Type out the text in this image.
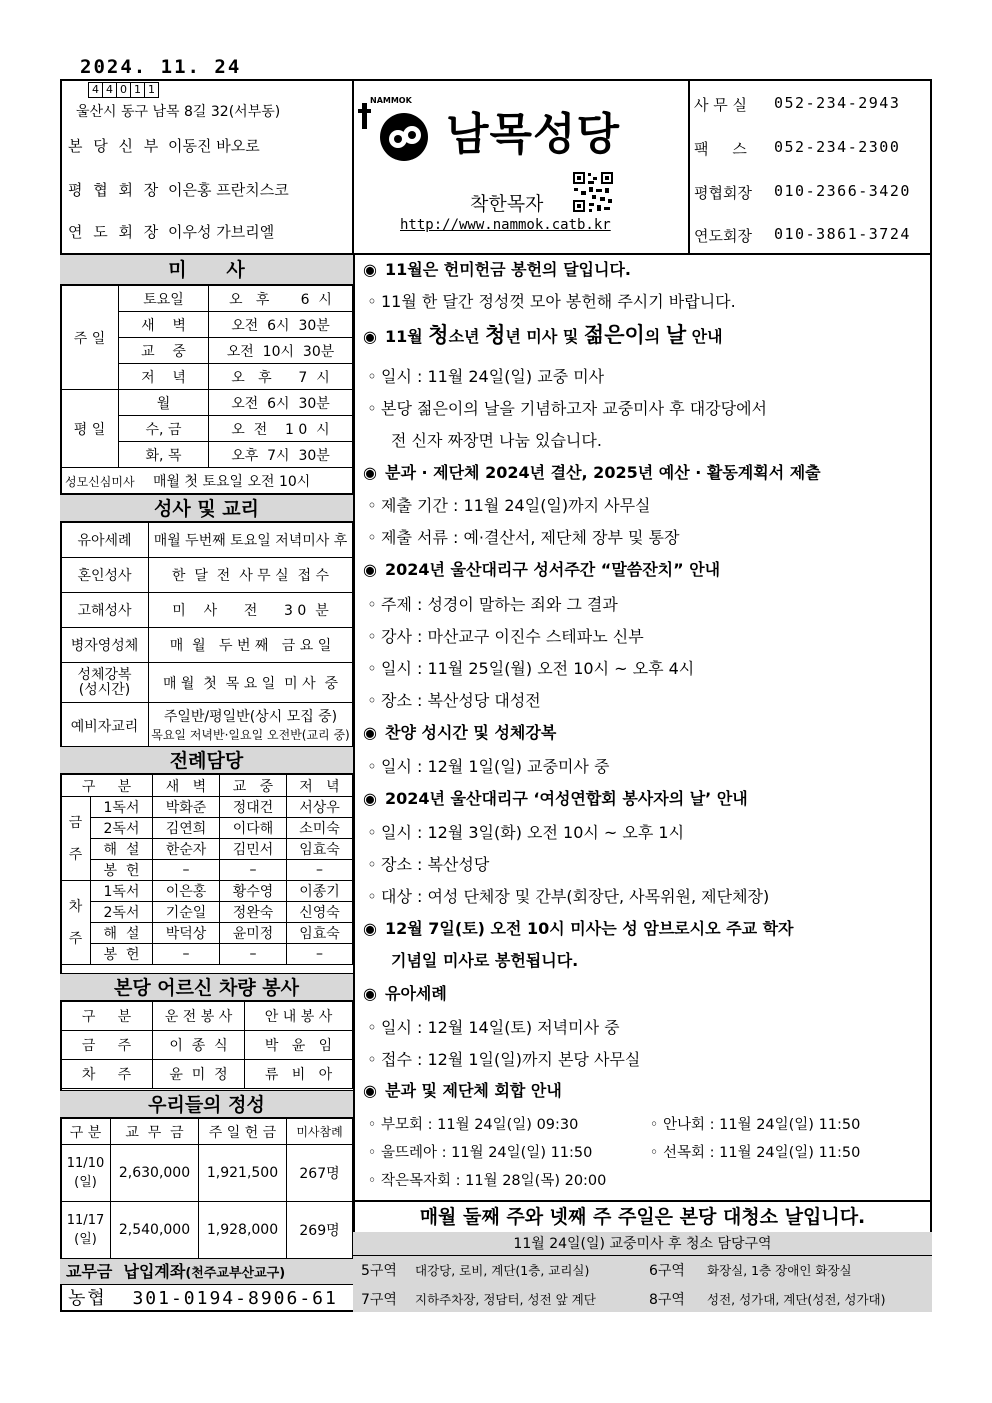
2024. 11. 24
4 4 0 1 1
울산시 동구 남목 8길 32(서부동)
본 당 신 부 이동진 바오로
평 협 회 장 이은홍 프란치스코
연 도 회 장 이우성 가브리엘
NAMMOK
남목성당
착한목자
http://www.nammok.catb.kr
사 무 실	052-234-2943
팩     스	052-234-2300
평협회장	010-2366-3420
연도회장	010-3861-3724
미      사
주 일	토요일	오   후       6  시
	새    벽	오전  6시  30분
	교    중	오전  10시  30분
	저    녁	오   후      7  시
평 일	월	오전  6시  30분
	수, 금	오  전    1 0  시
	화, 목	오후  7시  30분
성모신심미사 매월 첫 토요일 오전 10시		
성사 및 교리
유아세례	매월 두번째 토요일 저녁미사 후
혼인성사	한  달  전  사 무 실  접 수
고해성사	미    사      전      3 0  분
병자영성체	매  월   두 번 째   금 요 일
성체강복
(성시간)	매 월  첫  목 요 일  미 사  중
예비자교리	주일반/평일반(상시 모집 중)
목요일 저녁반·일요일 오전반(교리 중)
전례담당
구     분		새   벽	교   중	저   녁
금

주	1독서	박화준	정대건	서상우
	2독서	김연희	이다해	소미숙
	해  설	한순자	김민서	임효숙
	봉  헌	–	–	–
차

주	1독서	이은홍	황수영	이종기
	2독서	기순일	정완숙	신영숙
	해  설	박덕상	윤미정	임효숙
	봉  헌	–	–	–
본당 어르신 차량 봉사
구     분	운 전 봉 사	안 내 봉 사
금     주	이  종  식	박   윤   임
차     주	윤  미  정	류   비   아
우리들의 정성
구 분	교  무  금	주 일 헌 금	미사참례
11/10
(일)	2,630,000	1,921,500	267명
11/17
(일)	2,540,000	1,928,000	269명
교무금  납입계좌(천주교부산교구)
농협  301-0194-8906-61
◉ 11월은 헌미헌금 봉헌의 달입니다.
◦ 11월 한 달간 정성껏 모아 봉헌해 주시기 바랍니다.
◉ 11월 청소년 청년 미사 및 젊은이의 날 안내
◦ 일시 : 11월 24일(일) 교중 미사
◦ 본당 젊은이의 날을 기념하고자 교중미사 후 대강당에서
전 신자 짜장면 나눔 있습니다.
◉ 분과 · 제단체 2024년 결산, 2025년 예산 · 활동계획서 제출
◦ 제출 기간 : 11월 24일(일)까지 사무실
◦ 제출 서류 : 예·결산서, 제단체 장부 및 통장
◉ 2024년 울산대리구 성서주간 “말씀잔치” 안내
◦ 주제 : 성경이 말하는 죄와 그 결과
◦ 강사 : 마산교구 이진수 스테파노 신부
◦ 일시 : 11월 25일(월) 오전 10시 ~ 오후 4시
◦ 장소 : 복산성당 대성전
◉ 찬양 성시간 및 성체강복
◦ 일시 : 12월 1일(일) 교중미사 중
◉ 2024년 울산대리구 ‘여성연합회 봉사자의 날’ 안내
◦ 일시 : 12월 3일(화) 오전 10시 ~ 오후 1시
◦ 장소 : 복산성당
◦ 대상 : 여성 단체장 및 간부(회장단, 사목위원, 제단체장)
◉ 12월 7일(토) 오전 10시 미사는 성 암브로시오 주교 학자
기념일 미사로 봉헌됩니다.
◉ 유아세례
◦ 일시 : 12월 14일(토) 저녁미사 중
◦ 접수 : 12월 1일(일)까지 본당 사무실
◉ 분과 및 제단체 회합 안내
◦ 부모회 : 11월 24일(일) 09:30	◦ 안나회 : 11월 24일(일) 11:50
◦ 울뜨레아 : 11월 24일(일) 11:50	◦ 선목회 : 11월 24일(일) 11:50
◦ 작은목자회 : 11월 28일(목) 20:00
매월 둘째 주와 넷째 주 주일은 본당 대청소 날입니다.
11월 24일(일) 교중미사 후 청소 담당구역
5구역 대강당, 로비, 계단(1층, 교리실)	6구역 화장실, 1층 장애인 화장실
7구역 지하주차장, 정담터, 성전 앞 계단	8구역 성전, 성가대, 계단(성전, 성가대)
